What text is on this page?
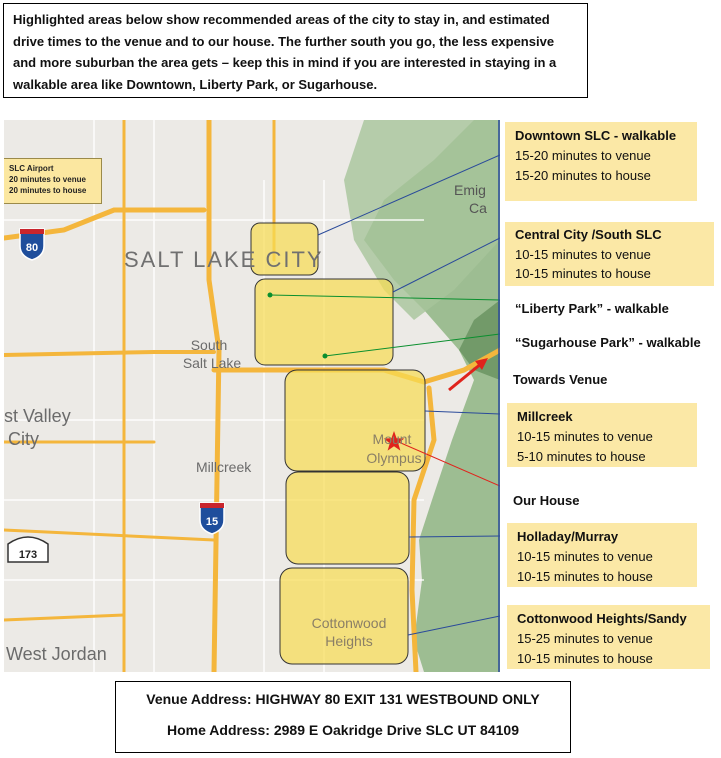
Highlighted areas below show recommended areas of the city to stay in, and estimated drive times to the venue and to our house. The further south you go, the less expensive and more suburban the area gets – keep this in mind if you are interested in staying in a walkable area like Downtown, Liberty Park, or Sugarhouse.
80
15
173
SALT LAKE CITY
South
Salt Lake
st Valley
City
Millcreek
Mount
Olympus
Cottonwood
Heights
West Jordan
Emig
Ca
SLC Airport
20 minutes to venue
20 minutes to house
Downtown SLC - walkable
15-20 minutes to venue
15-20 minutes to house
Central City /South SLC
10-15 minutes to venue
10-15 minutes to house
“Liberty Park” - walkable
“Sugarhouse Park” - walkable
Towards Venue
Millcreek
10-15 minutes to venue
5-10 minutes to house
Our House
Holladay/Murray
10-15 minutes to venue
10-15 minutes to house
Cottonwood Heights/Sandy
15-25 minutes to venue
10-15 minutes to house
Venue Address: HIGHWAY 80 EXIT 131 WESTBOUND ONLY
Home Address: 2989 E Oakridge Drive SLC UT 84109
